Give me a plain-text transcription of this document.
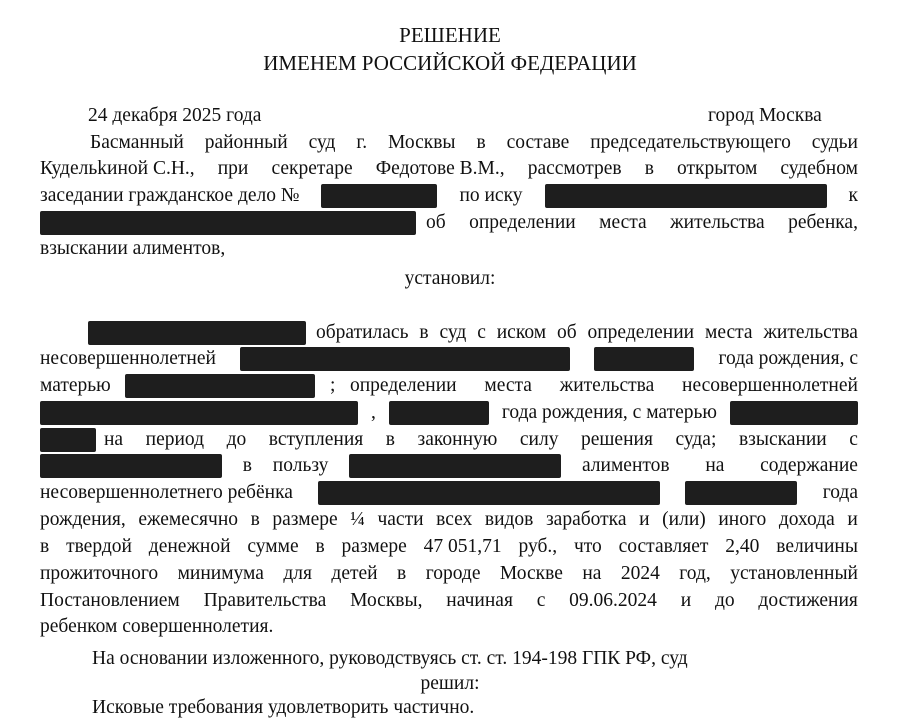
РЕШЕНИЕ
ИМЕНЕМ РОССИЙСКОЙ ФЕДЕРАЦИИ
24 декабря 2025 года	город Москва
Басманный районный суд г. Москвы в составе председательствующего судьи
Кудельkиной С.Н., при секретаре Федотове В.М., рассмотрев в открытом судебном
заседании гражданское дело №	по иску	к
об определении места жительства ребенка,
взыскании алиментов,
установил:
обратилась в суд с иском об определении места жительства
несовершеннолетней	года рождения, с
матерью	; определении места жительства несовершеннолетней
,	года рождения, с матерью
на период до вступления в законную силу решения суда; взыскании с
в пользу	алиментов на содержание
несовершеннолетнего ребёнка	года
рождения, ежемесячно в размере ¼ части всех видов заработка и (или) иного дохода и
в твердой денежной сумме в размере 47 051,71 руб., что составляет 2,40 величины
прожиточного минимума для детей в городе Москве на 2024 год, установленный
Постановлением Правительства Москвы, начиная с 09.06.2024 и до достижения
ребенком совершеннолетия.
На основании изложенного, руководствуясь ст. ст. 194-198 ГПК РФ, суд
решил:
Исковые требования удовлетворить частично.
